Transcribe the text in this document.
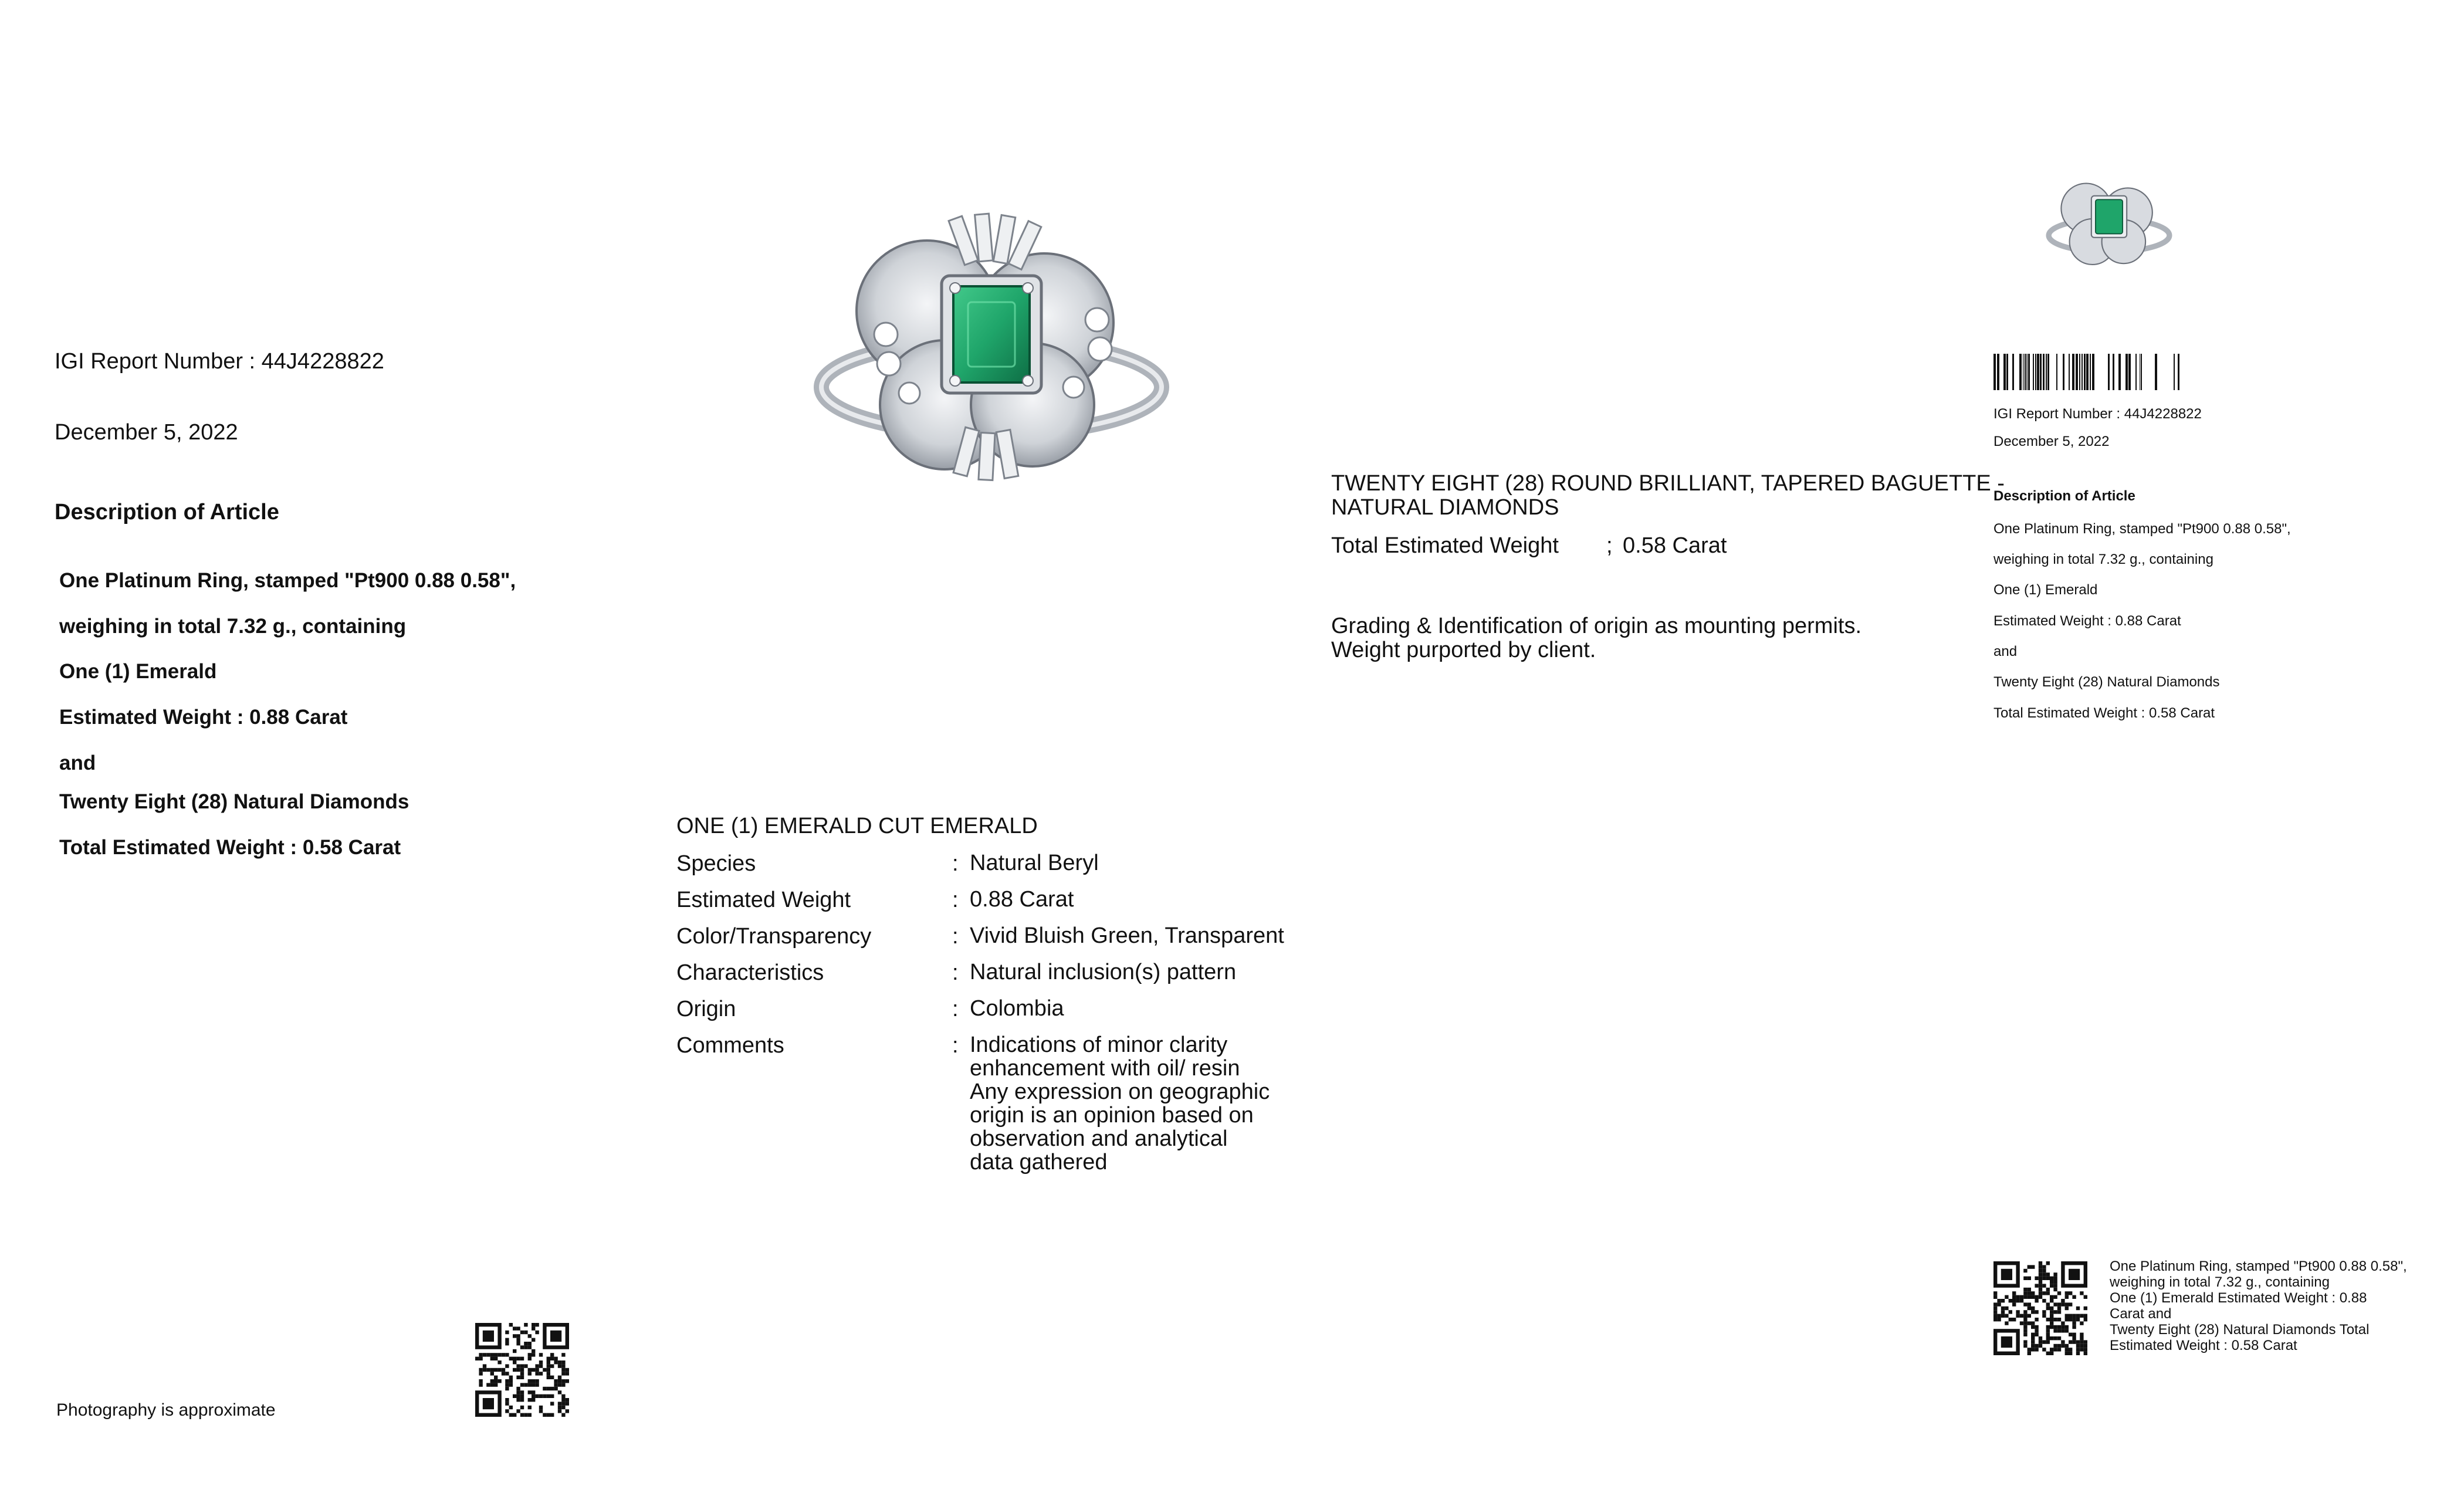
IGI Report Number : 44J4228822
December 5, 2022
Description of Article
One Platinum Ring, stamped "Pt900 0.88 0.58",
weighing in total 7.32 g., containing
One (1) Emerald
Estimated Weight : 0.88 Carat
and
Twenty Eight (28) Natural Diamonds
Total Estimated Weight : 0.58 Carat
Photography is approximate
ONE (1) EMERALD CUT EMERALD
Species	: Natural Beryl
Estimated Weight	: 0.88 Carat
Color/Transparency	: Vivid Bluish Green, Transparent
Characteristics	: Natural inclusion(s) pattern
Origin	: Colombia
Comments	: Indications of minor clarity
enhancement with oil/ resin
Any expression on geographic
origin is an opinion based on
observation and analytical
data gathered
TWENTY EIGHT (28) ROUND BRILLIANT, TAPERED BAGUETTE -
NATURAL DIAMONDS
Total Estimated Weight ; 0.58 Carat
Grading & Identification of origin as mounting permits.
Weight purported by client.
IGI Report Number : 44J4228822
December 5, 2022
Description of Article
One Platinum Ring, stamped "Pt900 0.88 0.58",
weighing in total 7.32 g., containing
One (1) Emerald
Estimated Weight : 0.88 Carat
and
Twenty Eight (28) Natural Diamonds
Total Estimated Weight : 0.58 Carat
One Platinum Ring, stamped "Pt900 0.88 0.58",
weighing in total 7.32 g., containing
One (1) Emerald Estimated Weight : 0.88
Carat and
Twenty Eight (28) Natural Diamonds Total
Estimated Weight : 0.58 Carat
